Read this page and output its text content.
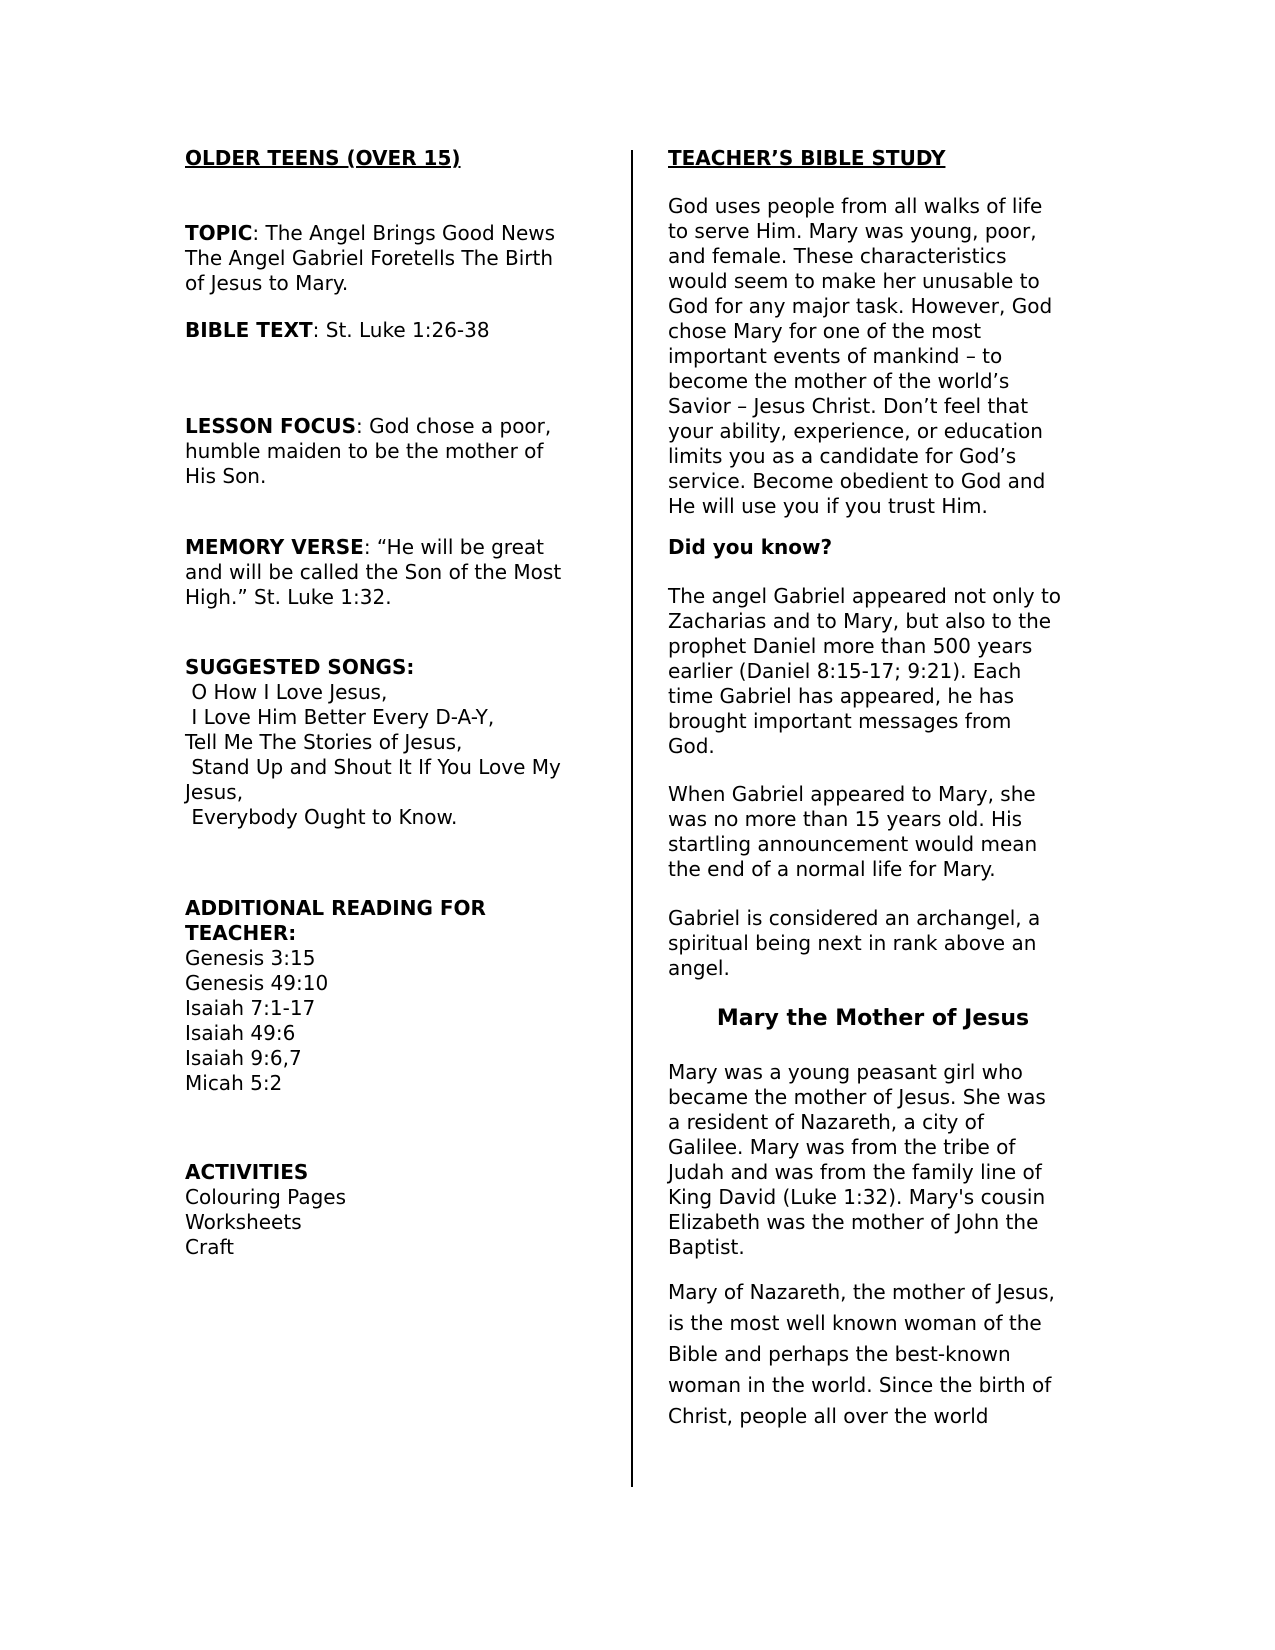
OLDER TEENS (OVER 15)
TOPIC: The Angel Brings Good News
The Angel Gabriel Foretells The Birth
of Jesus to Mary.
BIBLE TEXT: St. Luke 1:26-38
LESSON FOCUS: God chose a poor,
humble maiden to be the mother of
His Son.
MEMORY VERSE: “He will be great
and will be called the Son of the Most
High.” St. Luke 1:32.
SUGGESTED SONGS:
O How I Love Jesus,
I Love Him Better Every D-A-Y,
Tell Me The Stories of Jesus,
Stand Up and Shout It If You Love My
Jesus,
Everybody Ought to Know.
ADDITIONAL READING FOR
TEACHER:
Genesis 3:15
Genesis 49:10
Isaiah 7:1-17
Isaiah 49:6
Isaiah 9:6,7
Micah 5:2
ACTIVITIES
Colouring Pages
Worksheets
Craft
TEACHER’S BIBLE STUDY
God uses people from all walks of life
to serve Him. Mary was young, poor,
and female. These characteristics
would seem to make her unusable to
God for any major task. However, God
chose Mary for one of the most
important events of mankind – to
become the mother of the world’s
Savior – Jesus Christ. Don’t feel that
your ability, experience, or education
limits you as a candidate for God’s
service. Become obedient to God and
He will use you if you trust Him.
Did you know?
The angel Gabriel appeared not only to
Zacharias and to Mary, but also to the
prophet Daniel more than 500 years
earlier (Daniel 8:15-17; 9:21). Each
time Gabriel has appeared, he has
brought important messages from
God.
When Gabriel appeared to Mary, she
was no more than 15 years old. His
startling announcement would mean
the end of a normal life for Mary.
Gabriel is considered an archangel, a
spiritual being next in rank above an
angel.
Mary the Mother of Jesus
Mary was a young peasant girl who
became the mother of Jesus. She was
a resident of Nazareth, a city of
Galilee. Mary was from the tribe of
Judah and was from the family line of
King David (Luke 1:32). Mary's cousin
Elizabeth was the mother of John the
Baptist.
Mary of Nazareth, the mother of Jesus,
is the most well known woman of the
Bible and perhaps the best-known
woman in the world. Since the birth of
Christ, people all over the world
